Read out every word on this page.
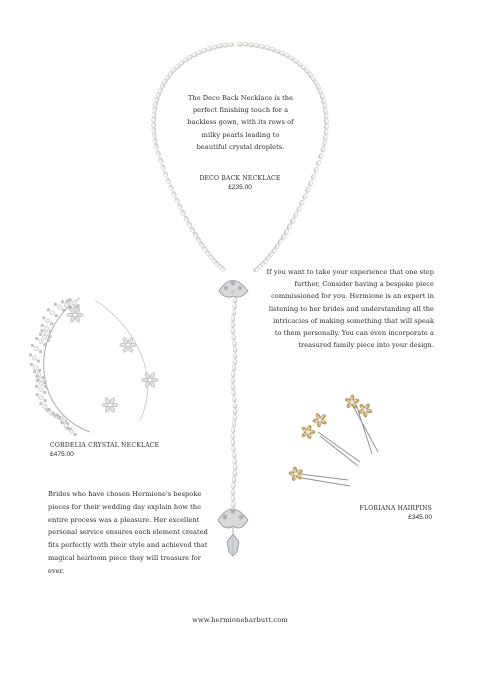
The Deco Back Necklace is the
perfect finishing touch for a
backless gown, with its rows of
milky pearls leading to
beautiful crystal droplets.
DECO BACK NECKLACE
£235.00
If you want to take your experience that one step
further, Consider having a bespoke piece
commissioned for you. Hermione is an expert in
listening to her brides and understanding all the
intricacies of making something that will speak
to them personally. You can even incorporate a
treasured family piece into your design.
CORDELIA CRYSTAL NECKLACE
£475.00
FLORIANA HAIRPINS
£345.00
Brides who have chosen Hermione's bespoke
pieces for their wedding day explain how the
entire process was a pleasure. Her excellent
personal service ensures each element created
fits perfectly with their style and achieved that
magical heirloom piece they will treasure for
ever.
www.hermioneharbutt.com
